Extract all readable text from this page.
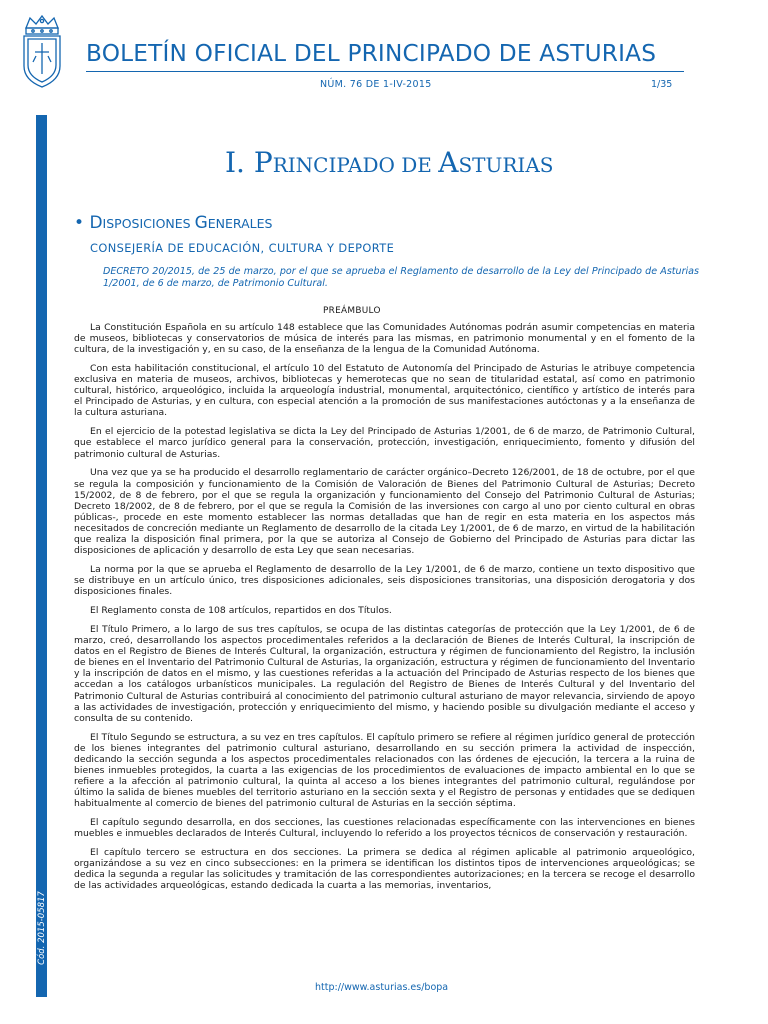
BOLETÍN OFICIAL DEL PRINCIPADO DE ASTURIAS
NÚM. 76 DE 1-IV-2015	1/35
Cód. 2015-05817
I. PRINCIPADO DE ASTURIAS
• DISPOSICIONES GENERALES
CONSEJERÍA DE EDUCACIÓN, CULTURA Y DEPORTE
DECRETO 20/2015, de 25 de marzo, por el que se aprueba el Reglamento de desarrollo de la Ley del Principado de Asturias 1/2001, de 6 de marzo, de Patrimonio Cultural.
PREÁMBULO

La Constitución Española en su artículo 148 establece que las Comunidades Autónomas podrán asumir competencias en materia de museos, bibliotecas y conservatorios de música de interés para las mismas, en patrimonio monumental y en el fomento de la cultura, de la investigación y, en su caso, de la enseñanza de la lengua de la Comunidad Autónoma.

Con esta habilitación constitucional, el artículo 10 del Estatuto de Autonomía del Principado de Asturias le atribuye competencia exclusiva en materia de museos, archivos, bibliotecas y hemerotecas que no sean de titularidad estatal, así como en patrimonio cultural, histórico, arqueológico, incluida la arqueología industrial, monumental, arquitectónico, científico y artístico de interés para el Principado de Asturias, y en cultura, con especial atención a la promoción de sus manifestaciones autóctonas y a la enseñanza de la cultura asturiana.

En el ejercicio de la potestad legislativa se dicta la Ley del Principado de Asturias 1/2001, de 6 de marzo, de Patrimonio Cultural, que establece el marco jurídico general para la conservación, protección, investigación, enriquecimiento, fomento y difusión del patrimonio cultural de Asturias.

Una vez que ya se ha producido el desarrollo reglamentario de carácter orgánico–Decreto 126/2001, de 18 de octubre, por el que se regula la composición y funcionamiento de la Comisión de Valoración de Bienes del Patrimonio Cultural de Asturias; Decreto 15/2002, de 8 de febrero, por el que se regula la organización y funcionamiento del Consejo del Patrimonio Cultural de Asturias; Decreto 18/2002, de 8 de febrero, por el que se regula la Comisión de las inversiones con cargo al uno por ciento cultural en obras públicas-, procede en este momento establecer las normas detalladas que han de regir en esta materia en los aspectos más necesitados de concreción mediante un Reglamento de desarrollo de la citada Ley 1/2001, de 6 de marzo, en virtud de la habilitación que realiza la disposición final primera, por la que se autoriza al Consejo de Gobierno del Principado de Asturias para dictar las disposiciones de aplicación y desarrollo de esta Ley que sean necesarias.

La norma por la que se aprueba el Reglamento de desarrollo de la Ley 1/2001, de 6 de marzo, contiene un texto dispositivo que se distribuye en un artículo único, tres disposiciones adicionales, seis disposiciones transitorias, una disposición derogatoria y dos disposiciones finales.

El Reglamento consta de 108 artículos, repartidos en dos Títulos.

El Título Primero, a lo largo de sus tres capítulos, se ocupa de las distintas categorías de protección que la Ley 1/2001, de 6 de marzo, creó, desarrollando los aspectos procedimentales referidos a la declaración de Bienes de Interés Cultural, la inscripción de datos en el Registro de Bienes de Interés Cultural, la organización, estructura y régimen de funcionamiento del Registro, la inclusión de bienes en el Inventario del Patrimonio Cultural de Asturias, la organización, estructura y régimen de funcionamiento del Inventario y la inscripción de datos en el mismo, y las cuestiones referidas a la actuación del Principado de Asturias respecto de los bienes que accedan a los catálogos urbanísticos municipales. La regulación del Registro de Bienes de Interés Cultural y del Inventario del Patrimonio Cultural de Asturias contribuirá al conocimiento del patrimonio cultural asturiano de mayor relevancia, sirviendo de apoyo a las actividades de investigación, protección y enriquecimiento del mismo, y haciendo posible su divulgación mediante el acceso y consulta de su contenido.

El Título Segundo se estructura, a su vez en tres capítulos. El capítulo primero se refiere al régimen jurídico general de protección de los bienes integrantes del patrimonio cultural asturiano, desarrollando en su sección primera la actividad de inspección, dedicando la sección segunda a los aspectos procedimentales relacionados con las órdenes de ejecución, la tercera a la ruina de bienes inmuebles protegidos, la cuarta a las exigencias de los procedimientos de evaluaciones de impacto ambiental en lo que se refiere a la afección al patrimonio cultural, la quinta al acceso a los bienes integrantes del patrimonio cultural, regulándose por último la salida de bienes muebles del territorio asturiano en la sección sexta y el Registro de personas y entidades que se dediquen habitualmente al comercio de bienes del patrimonio cultural de Asturias en la sección séptima.

El capítulo segundo desarrolla, en dos secciones, las cuestiones relacionadas específicamente con las intervenciones en bienes muebles e inmuebles declarados de Interés Cultural, incluyendo lo referido a los proyectos técnicos de conservación y restauración.

El capítulo tercero se estructura en dos secciones. La primera se dedica al régimen aplicable al patrimonio arqueológico, organizándose a su vez en cinco subsecciones: en la primera se identifican los distintos tipos de intervenciones arqueológicas; se dedica la segunda a regular las solicitudes y tramitación de las correspondientes autorizaciones; en la tercera se recoge el desarrollo de las actividades arqueológicas, estando dedicada la cuarta a las memorias, inventarios,

http://www.asturias.es/bopa
